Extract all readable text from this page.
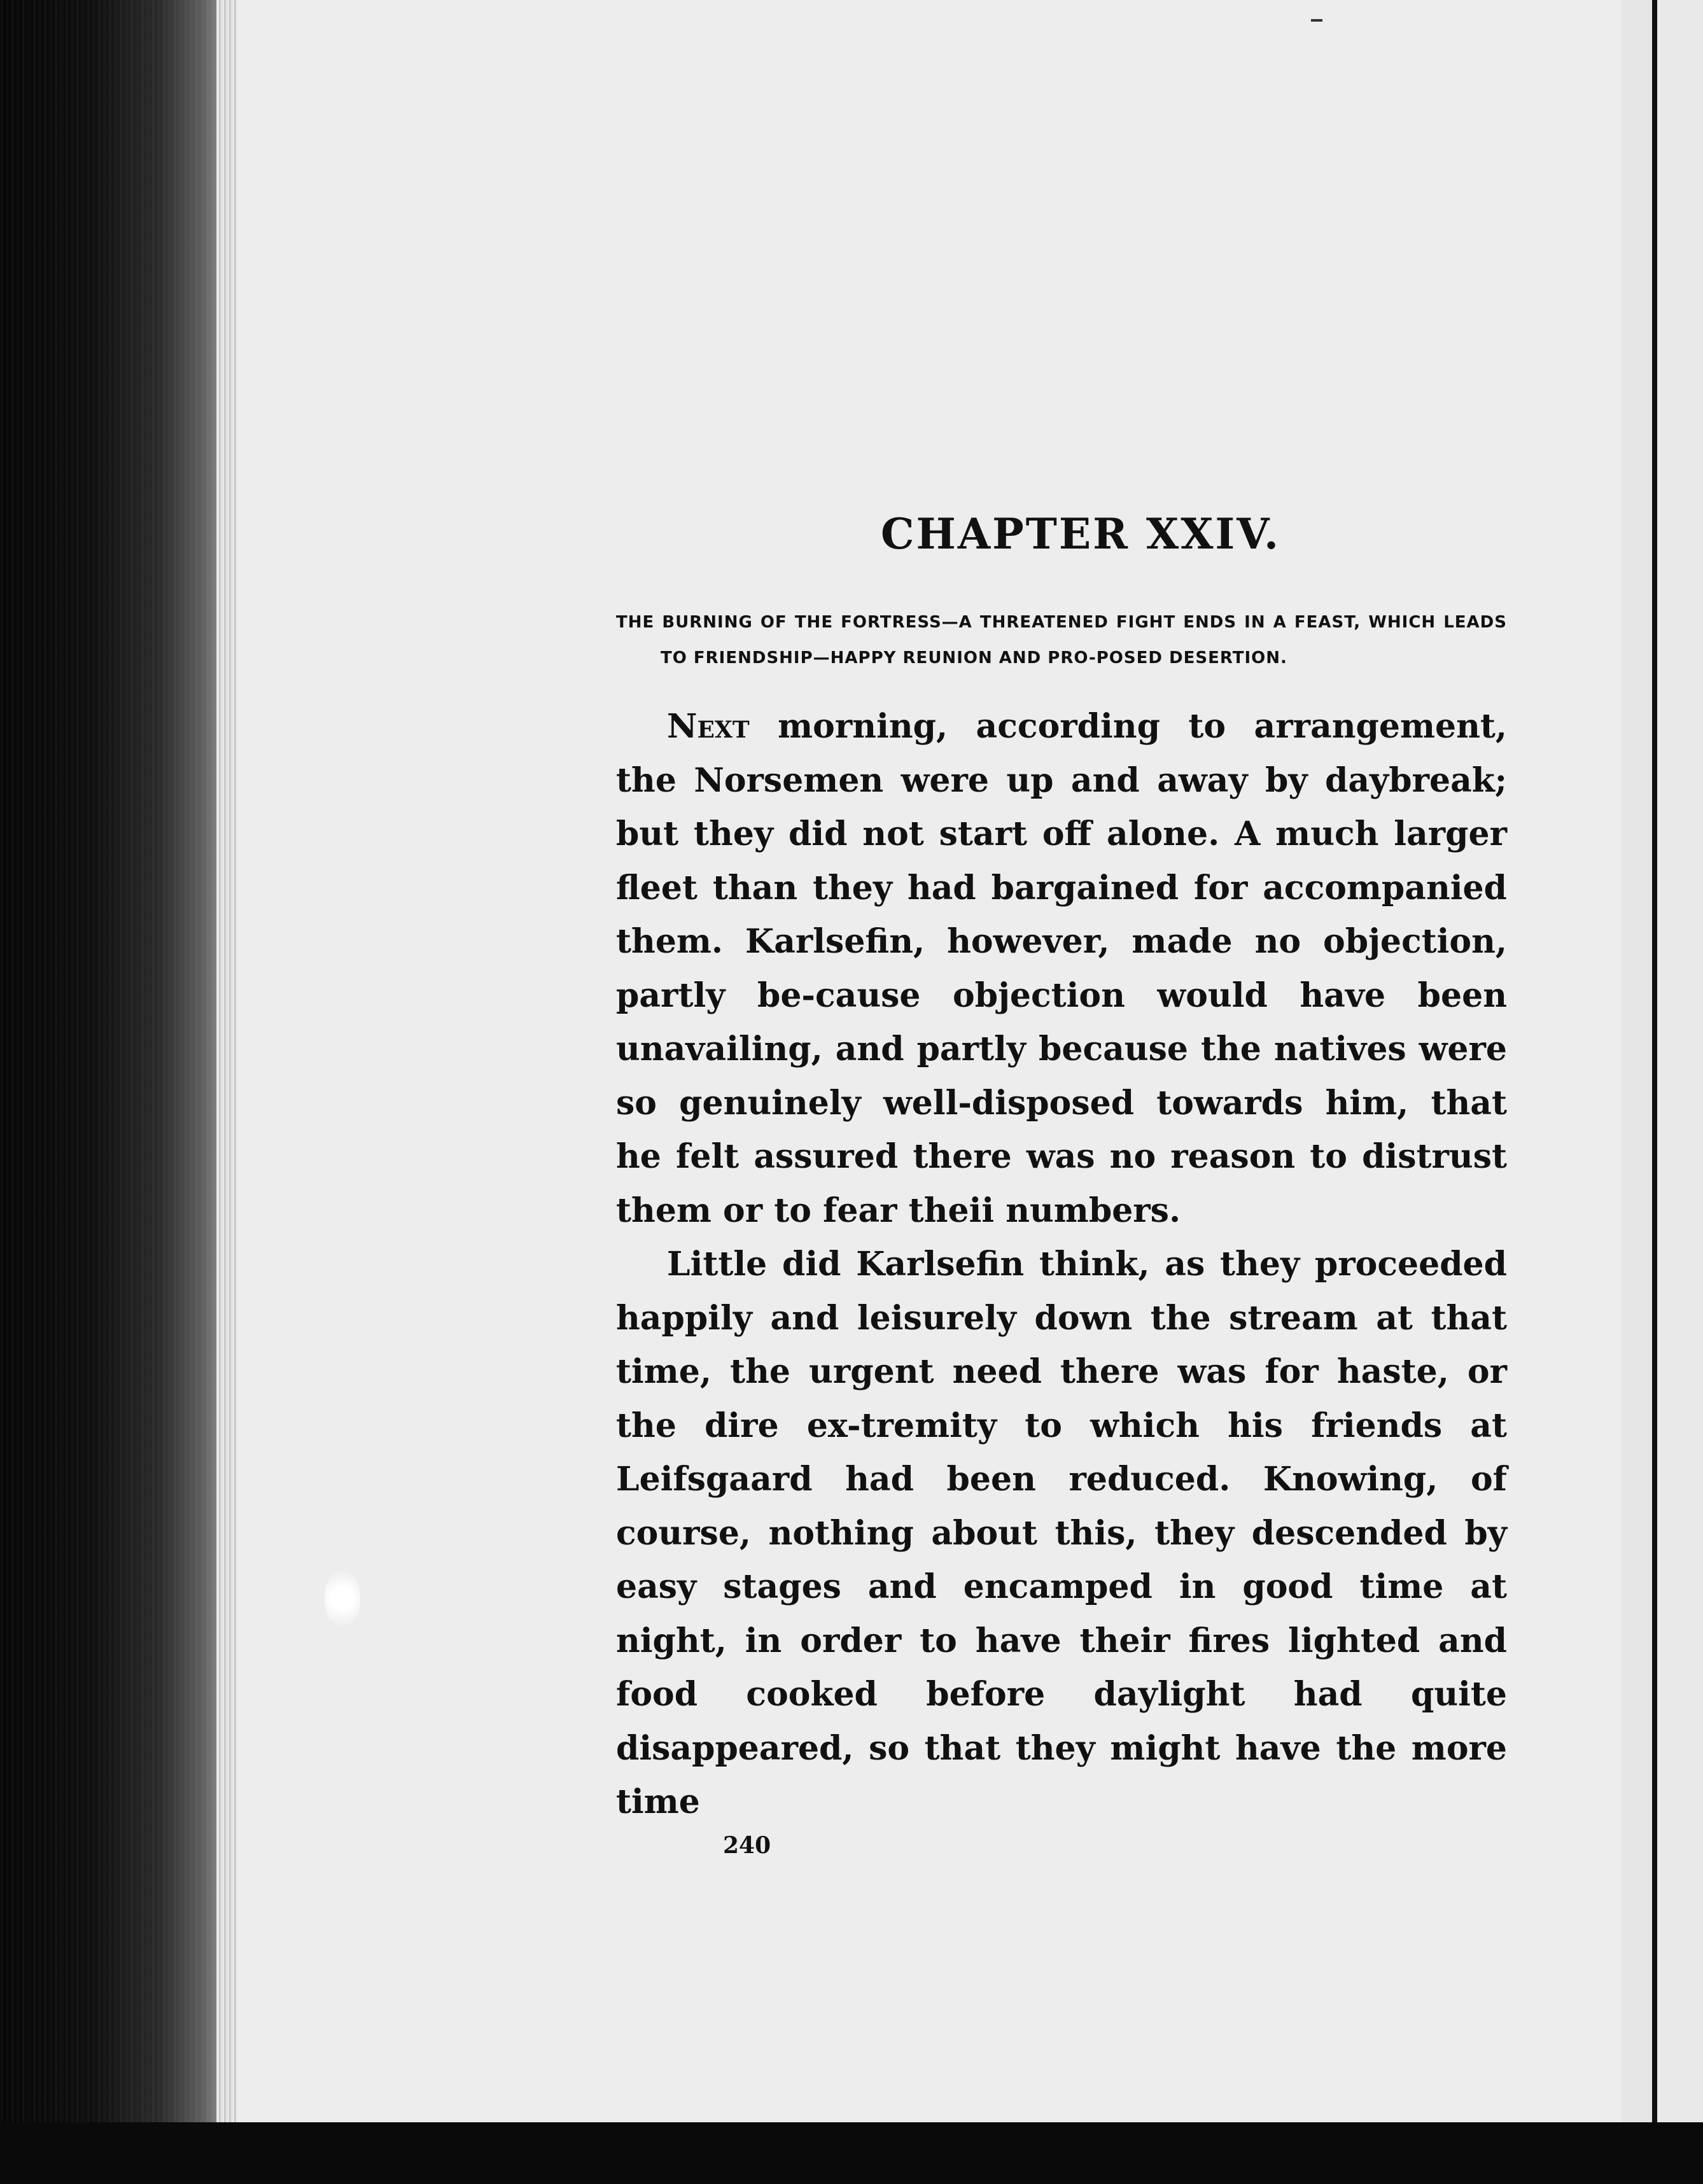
CHAPTER XXIV.

THE BURNING OF THE FORTRESS—A THREATENED FIGHT ENDS IN A FEAST, WHICH LEADS TO FRIENDSHIP—HAPPY REUNION AND PRO-POSED DESERTION.

Next morning, according to arrangement, the Norsemen were up and away by daybreak; but they did not start off alone. A much larger fleet than they had bargained for accompanied them. Karlsefin, however, made no objection, partly be-cause objection would have been unavailing, and partly because the natives were so genuinely well-disposed towards him, that he felt assured there was no reason to distrust them or to fear theii numbers.

Little did Karlsefin think, as they proceeded happily and leisurely down the stream at that time, the urgent need there was for haste, or the dire ex-tremity to which his friends at Leifsgaard had been reduced. Knowing, of course, nothing about this, they descended by easy stages and encamped in good time at night, in order to have their fires lighted and food cooked before daylight had quite disappeared, so that they might have the more time

240
